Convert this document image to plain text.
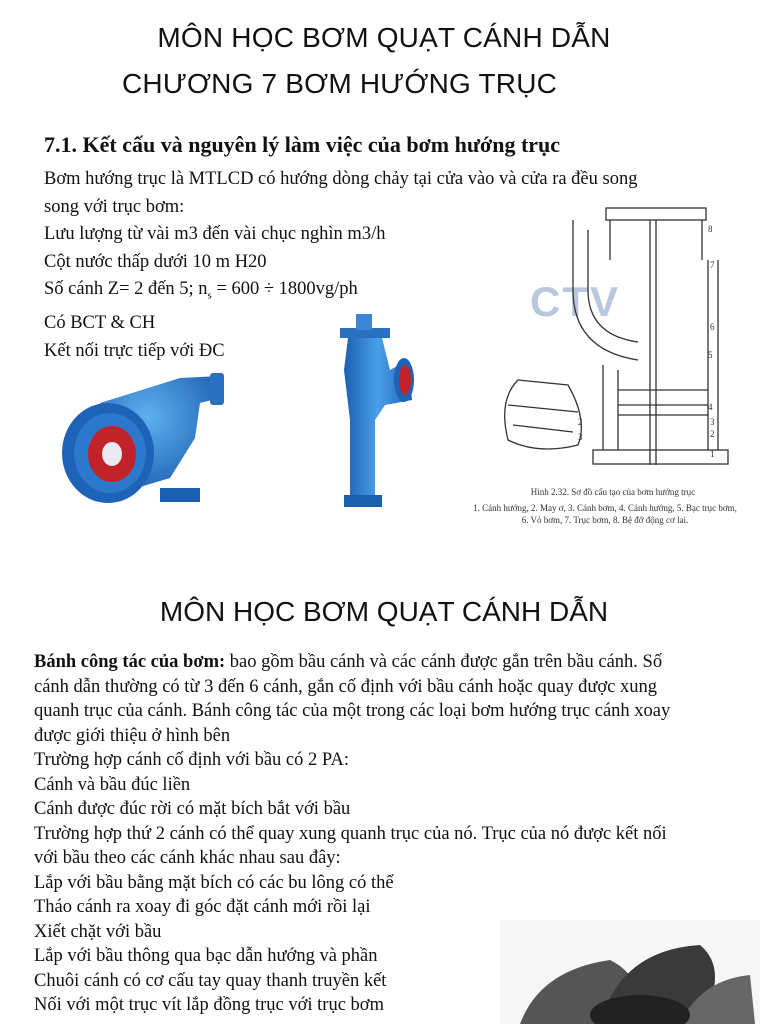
MÔN HỌC BƠM QUẠT CÁNH DẪN
CHƯƠNG 7 BƠM HƯỚNG TRỤC
7.1. Kết cấu và nguyên lý làm việc của bơm hướng trục
Bơm hướng trục là MTLCD có hướng dòng chảy tại cửa vào và cửa ra đều song
song với trục bơm:
Lưu lượng từ vài m3 đến vài chục nghìn m3/h
Cột nước thấp dưới 10 m H20
Số cánh Z= 2 đến 5; $n_s = 600 \div 1800vg/ph$
Có BCT & CH
Kết nối trực tiếp với ĐC
CTV
8
7
6
5
4
3
2
1
2
3
Hình 2.32. Sơ đồ cấu tạo của bơm hướng trục
1. Cánh hướng, 2. May ơ, 3. Cánh bơm, 4. Cánh hướng, 5. Bạc trục bơm,
6. Vỏ bơm, 7. Trục bơm, 8. Bệ đỡ động cơ lai.
MÔN HỌC BƠM QUẠT CÁNH DẪN
Bánh công tác của bơm: bao gồm bầu cánh và các cánh được gắn trên bầu cánh. Số
cánh dẫn thường có từ 3 đến 6 cánh, gắn cố định với bầu cánh hoặc quay được xung
quanh trục của cánh. Bánh công tác của một trong các loại bơm hướng trục cánh xoay
được giới thiệu ở hình bên
Trường hợp cánh cố định với bầu có 2 PA:
Cánh và bầu đúc liền
Cánh được đúc rời có mặt bích bắt với bầu
Trường hợp thứ 2 cánh có thể quay xung quanh trục của nó. Trục của nó được kết nối
với bầu theo các cánh khác nhau sau đây:
Lắp với bầu bằng mặt bích có các bu lông có thể
Tháo cánh ra xoay đi góc đặt cánh mới rồi lại
Xiết chặt với bầu
Lắp với bầu thông qua bạc dẫn hướng và phần
Chuôi cánh có cơ cấu tay quay thanh truyền kết
Nối với một trục vít lắp đồng trục với trục bơm
